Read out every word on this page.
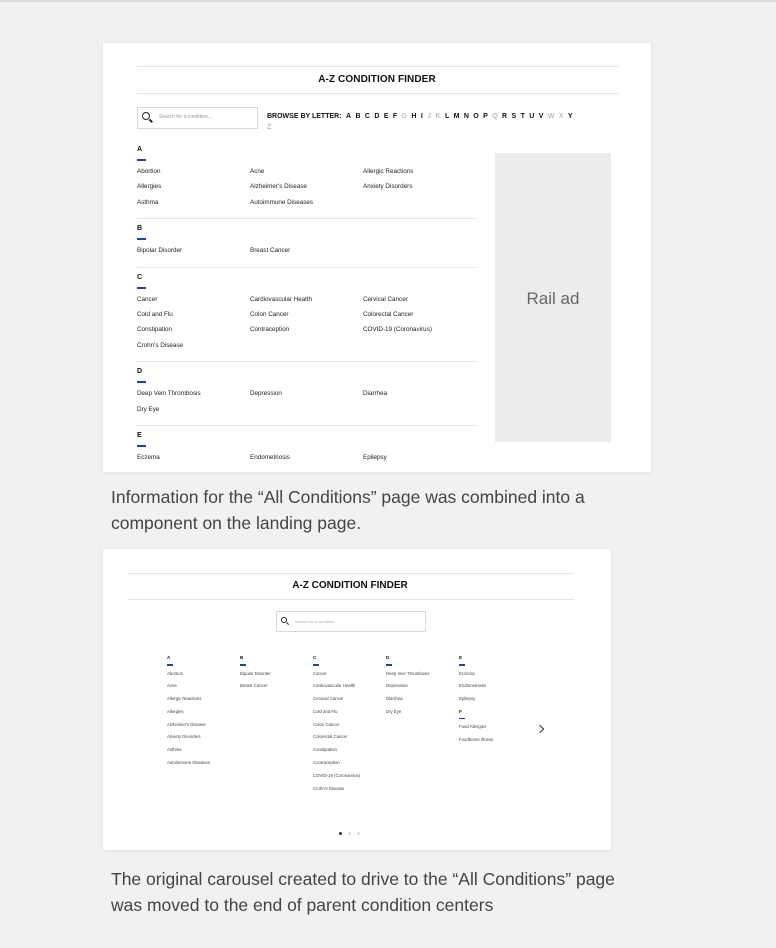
A-Z CONDITION FINDER
Search for a condition...	BROWSE BY LETTER: A B C D E F G H I J K L M N O P Q R S T U V W X Y
Z
A
Abortion	Acne	Allergic Reactions
Allergies	Alzheimer's Disease	Anxiety Disorders
Asthma	Autoimmune Diseases
B
Bipolar Disorder	Breast Cancer
C
Cancer	Cardiovascular Health	Cervical Cancer
Cold and Flu	Colon Cancer	Colorectal Cancer
Constipation	Contraception	COVID-19 (Coronavirus)
Crohn's Disease
D
Deep Vein Thrombosis	Depression	Diarrhea
Dry Eye
E
Eczema	Endometriosis	Epilepsy
Rail ad
Information for the “All Conditions” page was combined into a component on the landing page.
A-Z CONDITION FINDER
Search for a condition...
A
Abortion
Acne
Allergic Reactions
Allergies
Alzheimer's Disease
Anxiety Disorders
Asthma
Autoimmune Diseases
B
Bipolar Disorder
Breast Cancer
C
Cancer
Cardiovascular Health
Cervical Cancer
Cold and Flu
Colon Cancer
Colorectal Cancer
Constipation
Contraception
COVID-19 (Coronavirus)
Crohn's Disease
D
Deep Vein Thrombosis
Depression
Diarrhea
Dry Eye
E
Eczema
Endometriosis
Epilepsy
F
Food Allergies
Foodborne Illness
The original carousel created to drive to the “All Conditions” page was moved to the end of parent condition centers
